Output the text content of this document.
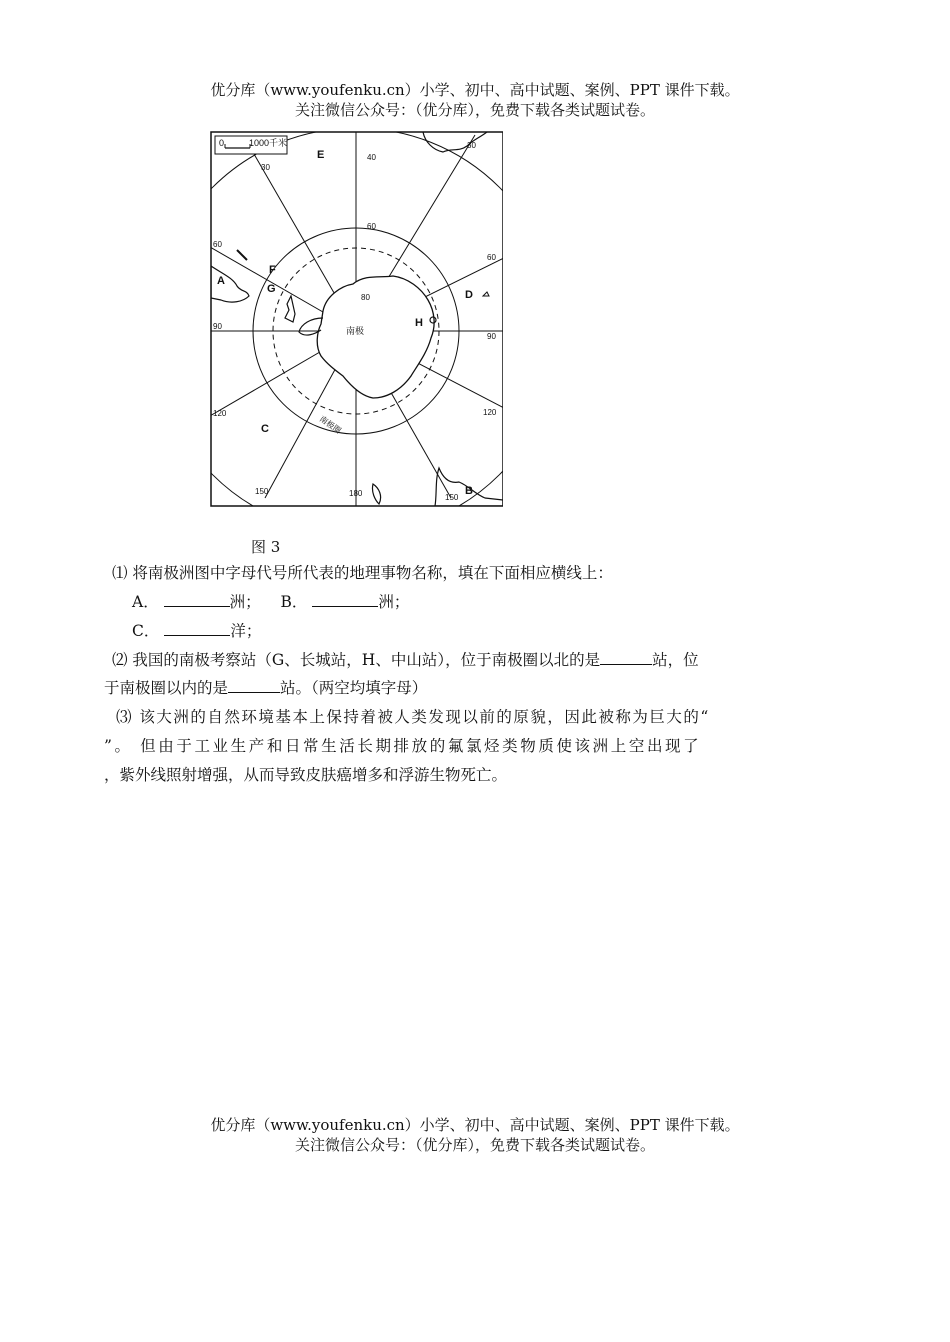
优分库（www.youfenku.cn）小学、初中、高中试题、案例、PPT 课件下载。
关注微信公众号：（优分库），免费下载各类试题试卷。
0	1000千米
南极
南极圈
E
A
F
G	D
H
C
B
40
60
80
30
30
60
60
90
90
120	120
150
150
180
图 3
⑴ 将南极洲图中字母代号所代表的地理事物名称，填在下面相应横线上：
A．	洲； B．	洲；
C．	洋；
⑵ 我国的南极考察站（G、长城站，H、中山站），位于南极圈以北的是	站，位
于南极圈以内的是	站。（两空均填字母）
⑶ 该大洲的自然环境基本上保持着被人类发现以前的原貌，因此被称为巨大的“
”。 但由于工业生产和日常生活长期排放的氟氯烃类物质使该洲上空出现了
，紫外线照射增强，从而导致皮肤癌增多和浮游生物死亡。
优分库（www.youfenku.cn）小学、初中、高中试题、案例、PPT 课件下载。
关注微信公众号：（优分库），免费下载各类试题试卷。
